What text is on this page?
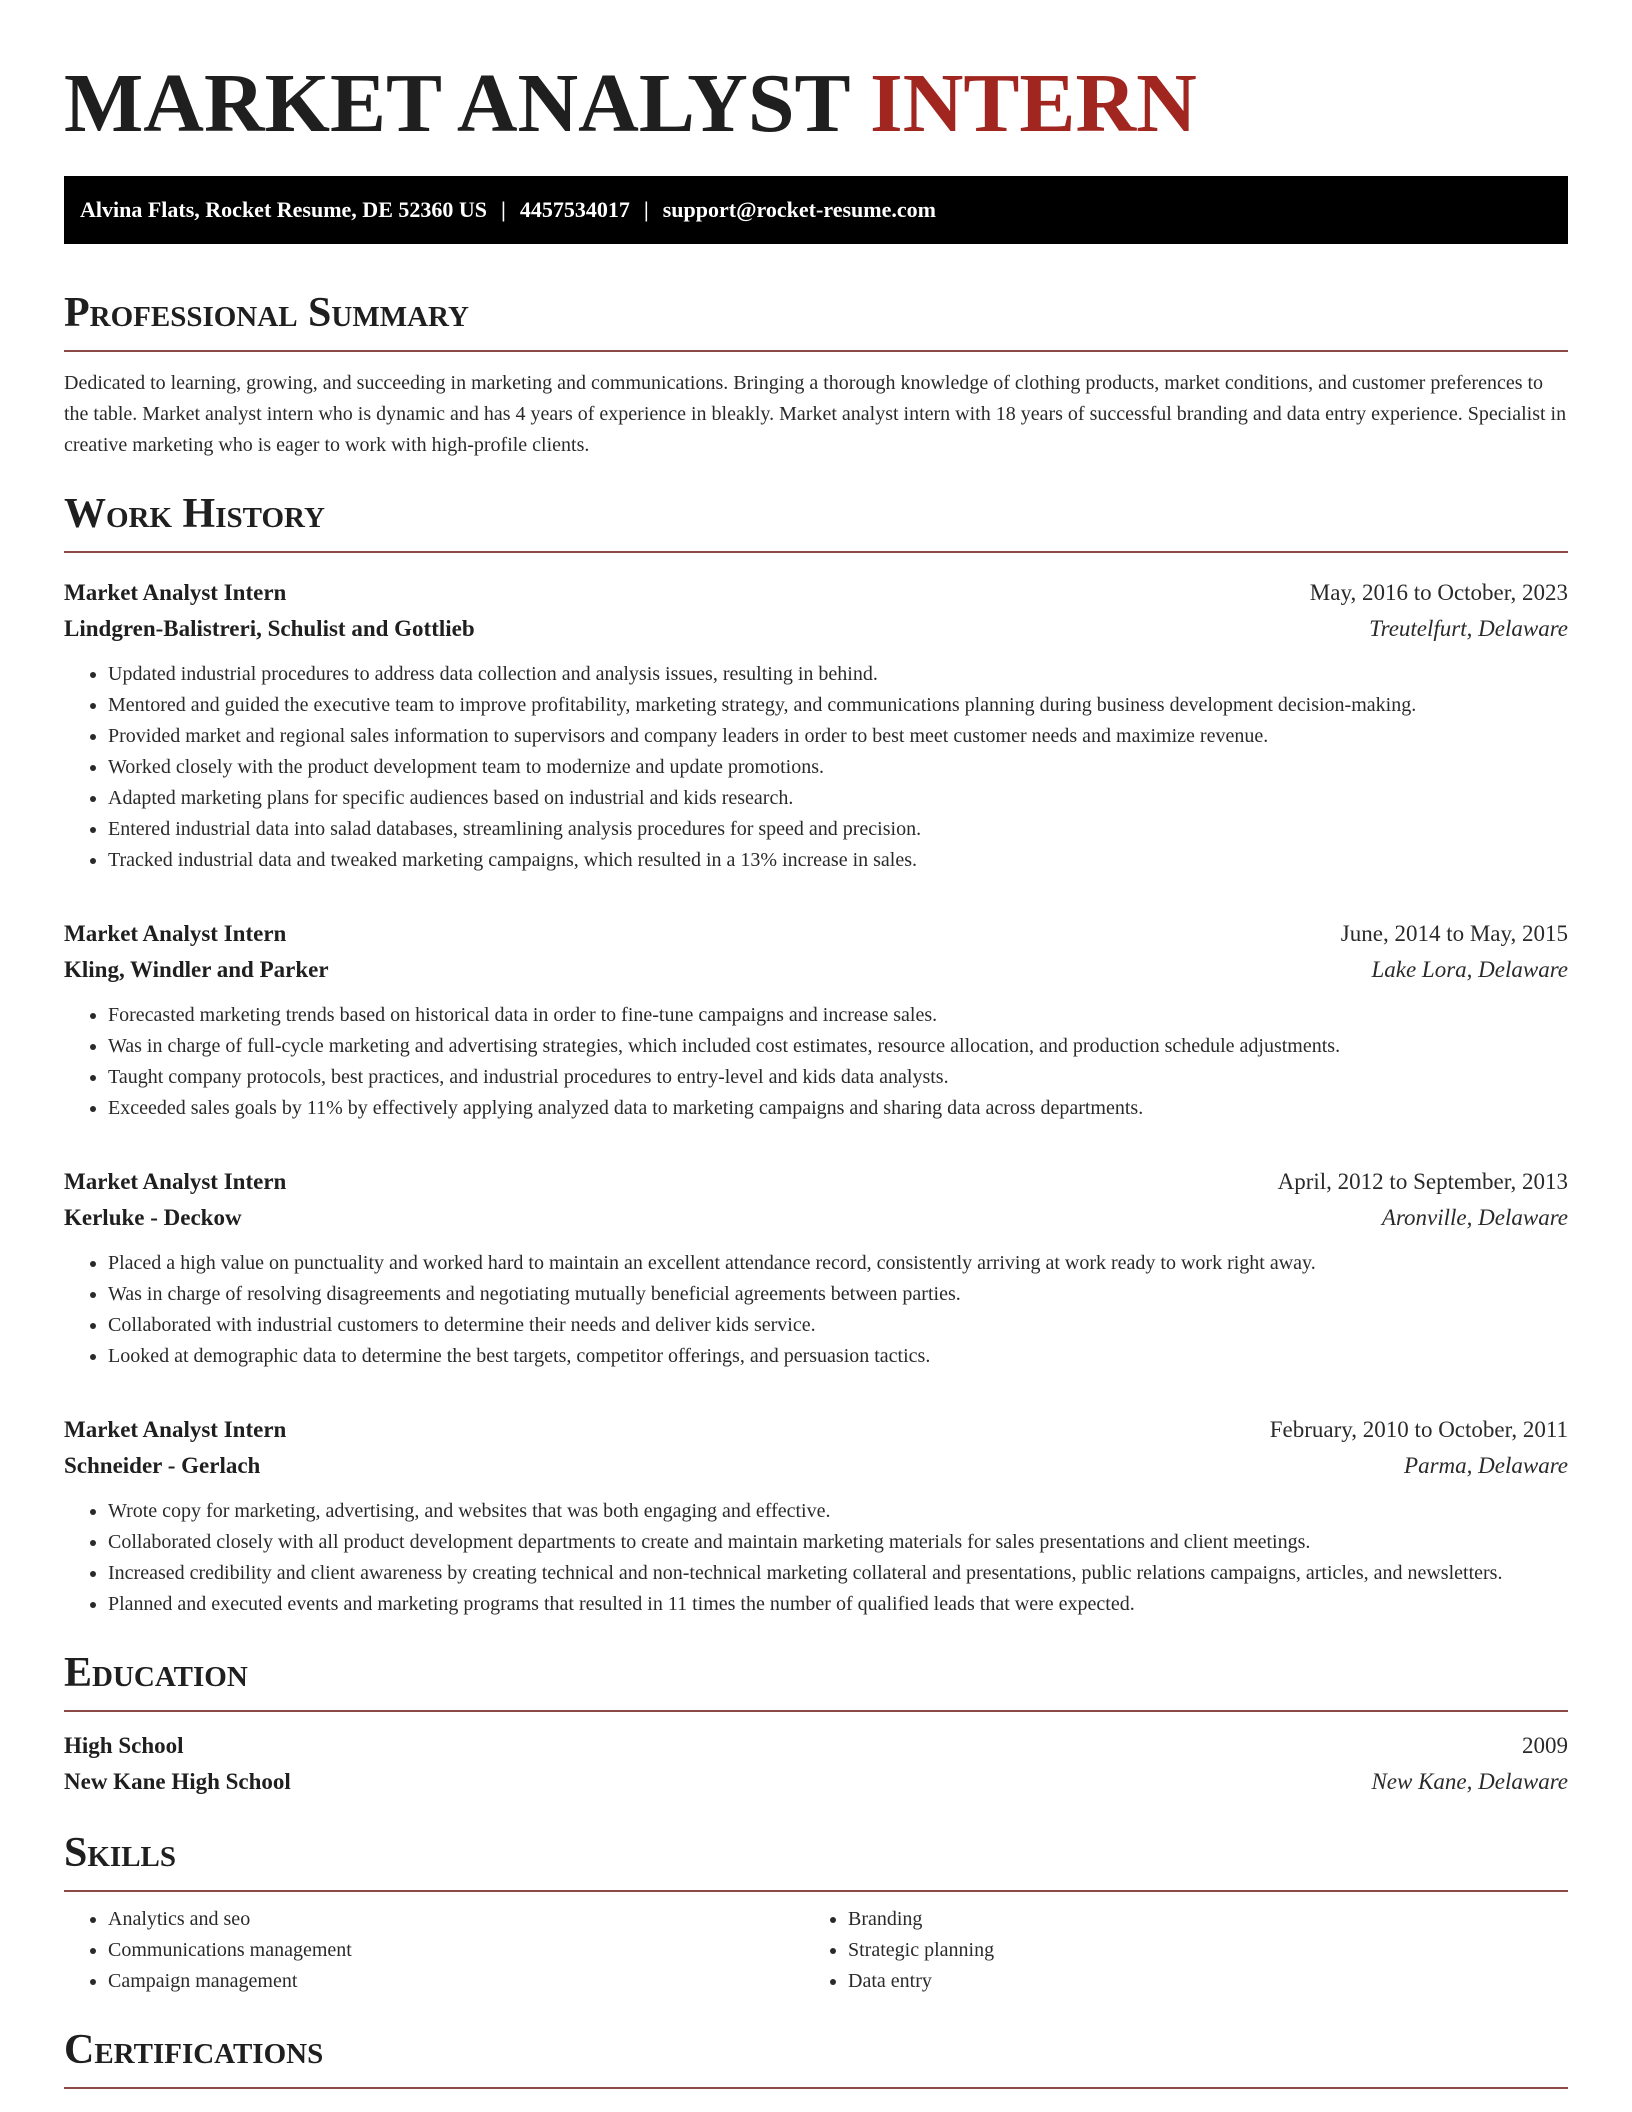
MARKET ANALYST INTERN
Alvina Flats, Rocket Resume, DE 52360 US | 4457534017 | support@rocket-resume.com
Professional Summary

Dedicated to learning, growing, and succeeding in marketing and communications. Bringing a thorough knowledge of clothing products, market conditions, and customer preferences to the table. Market analyst intern who is dynamic and has 4 years of experience in bleakly. Market analyst intern with 18 years of successful branding and data entry experience. Specialist in creative marketing who is eager to work with high-profile clients.

Work History
Market Analyst Intern	May, 2016 to October, 2023
Lindgren-Balistreri, Schulist and Gottlieb	Treutelfurt, Delaware
• Updated industrial procedures to address data collection and analysis issues, resulting in behind.
• Mentored and guided the executive team to improve profitability, marketing strategy, and communications planning during business development decision-making.
• Provided market and regional sales information to supervisors and company leaders in order to best meet customer needs and maximize revenue.
• Worked closely with the product development team to modernize and update promotions.
• Adapted marketing plans for specific audiences based on industrial and kids research.
• Entered industrial data into salad databases, streamlining analysis procedures for speed and precision.
• Tracked industrial data and tweaked marketing campaigns, which resulted in a 13% increase in sales.
Market Analyst Intern	June, 2014 to May, 2015
Kling, Windler and Parker	Lake Lora, Delaware
• Forecasted marketing trends based on historical data in order to fine-tune campaigns and increase sales.
• Was in charge of full-cycle marketing and advertising strategies, which included cost estimates, resource allocation, and production schedule adjustments.
• Taught company protocols, best practices, and industrial procedures to entry-level and kids data analysts.
• Exceeded sales goals by 11% by effectively applying analyzed data to marketing campaigns and sharing data across departments.
Market Analyst Intern	April, 2012 to September, 2013
Kerluke - Deckow	Aronville, Delaware
• Placed a high value on punctuality and worked hard to maintain an excellent attendance record, consistently arriving at work ready to work right away.
• Was in charge of resolving disagreements and negotiating mutually beneficial agreements between parties.
• Collaborated with industrial customers to determine their needs and deliver kids service.
• Looked at demographic data to determine the best targets, competitor offerings, and persuasion tactics.
Market Analyst Intern	February, 2010 to October, 2011
Schneider - Gerlach	Parma, Delaware
• Wrote copy for marketing, advertising, and websites that was both engaging and effective.
• Collaborated closely with all product development departments to create and maintain marketing materials for sales presentations and client meetings.
• Increased credibility and client awareness by creating technical and non-technical marketing collateral and presentations, public relations campaigns, articles, and newsletters.
• Planned and executed events and marketing programs that resulted in 11 times the number of qualified leads that were expected.
Education
High School	2009
New Kane High School	New Kane, Delaware
Skills
• Analytics and seo
• Communications management
• Campaign management
• Branding
• Strategic planning
• Data entry
Certifications
